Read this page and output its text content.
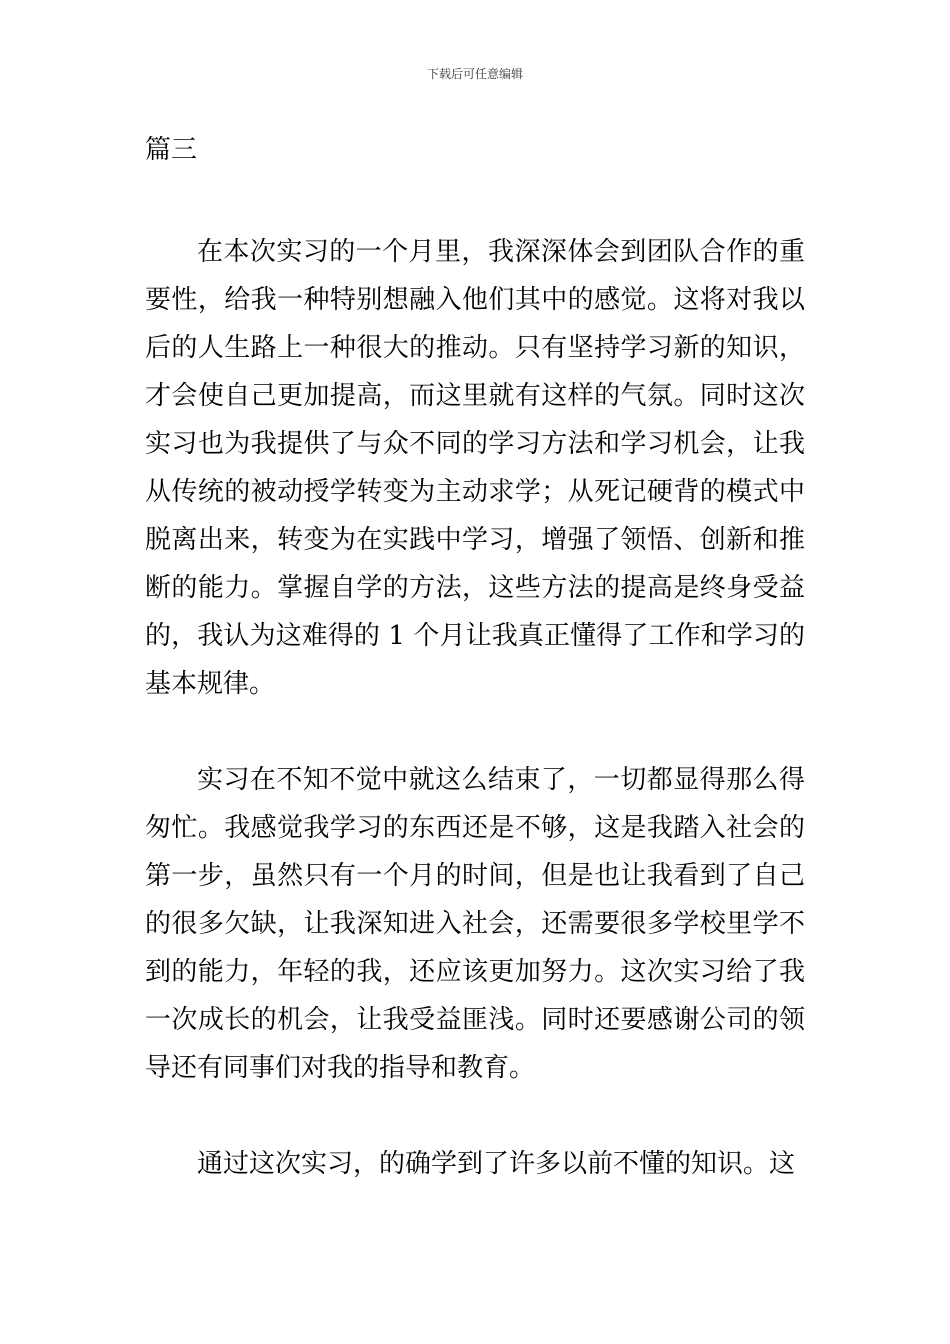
下载后可任意编辑
篇三

在本次实习的一个月里，我深深体会到团队合作的重要性，给我一种特别想融入他们其中的感觉。这将对我以后的人生路上一种很大的推动。只有坚持学习新的知识，才会使自己更加提高，而这里就有这样的气氛。同时这次实习也为我提供了与众不同的学习方法和学习机会，让我从传统的被动授学转变为主动求学；从死记硬背的模式中脱离出来，转变为在实践中学习，增强了领悟、创新和推断的能力。掌握自学的方法，这些方法的提高是终身受益的，我认为这难得的 1 个月让我真正懂得了工作和学习的基本规律。

实习在不知不觉中就这么结束了，一切都显得那么得匆忙。我感觉我学习的东西还是不够，这是我踏入社会的第一步，虽然只有一个月的时间，但是也让我看到了自己的很多欠缺，让我深知进入社会，还需要很多学校里学不到的能力，年轻的我，还应该更加努力。这次实习给了我一次成长的机会，让我受益匪浅。同时还要感谢公司的领导还有同事们对我的指导和教育。

通过这次实习，的确学到了许多以前不懂的知识。这
